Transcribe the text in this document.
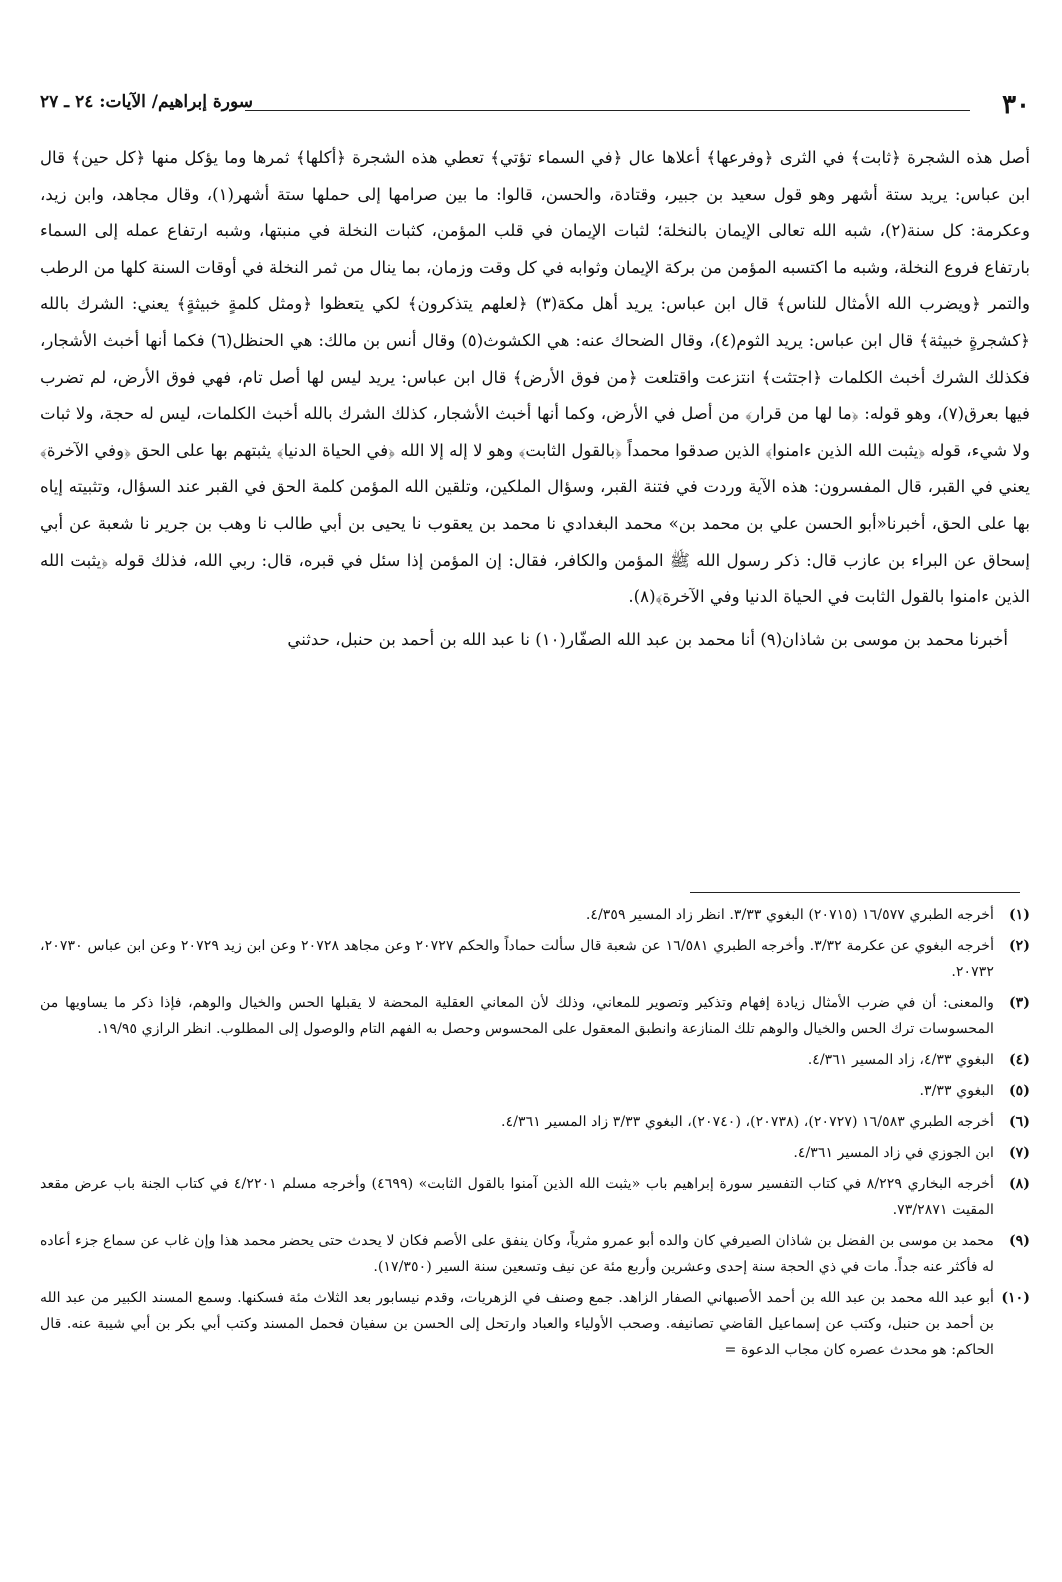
٣٠
سورة إبراهيم/ الآيات: ٢٤ ـ ٢٧

أصل هذه الشجرة ﴿ثابت﴾ في الثرى ﴿وفرعها﴾ أعلاها عال ﴿في السماء تؤتي﴾ تعطي هذه الشجرة ﴿أكلها﴾ ثمرها وما يؤكل منها ﴿كل حين﴾ قال ابن عباس: يريد ستة أشهر وهو قول سعيد بن جبير، وقتادة، والحسن، قالوا: ما بين صرامها إلى حملها ستة أشهر(١)، وقال مجاهد، وابن زيد، وعكرمة: كل سنة(٢)، شبه الله تعالى الإيمان بالنخلة؛ لثبات الإيمان في قلب المؤمن، كثبات النخلة في منبتها، وشبه ارتفاع عمله إلى السماء بارتفاع فروع النخلة، وشبه ما اكتسبه المؤمن من بركة الإيمان وثوابه في كل وقت وزمان، بما ينال من ثمر النخلة في أوقات السنة كلها من الرطب والتمر ﴿ويضرب الله الأمثال للناس﴾ قال ابن عباس: يريد أهل مكة(٣) ﴿لعلهم يتذكرون﴾ لكي يتعظوا ﴿ومثل كلمةٍ خبيثةٍ﴾ يعني: الشرك بالله ﴿كشجرةٍ خبيثة﴾ قال ابن عباس: يريد الثوم(٤)، وقال الضحاك عنه: هي الكشوث(٥) وقال أنس بن مالك: هي الحنظل(٦) فكما أنها أخبث الأشجار، فكذلك الشرك أخبث الكلمات ﴿اجتثت﴾ انتزعت واقتلعت ﴿من فوق الأرض﴾ قال ابن عباس: يريد ليس لها أصل تام، فهي فوق الأرض، لم تضرب فيها بعرق(٧)، وهو قوله: ﴿ما لها من قرار﴾ من أصل في الأرض، وكما أنها أخبث الأشجار، كذلك الشرك بالله أخبث الكلمات، ليس له حجة، ولا ثبات ولا شيء، قوله ﴿يثبت الله الذين ءامنوا﴾ الذين صدقوا محمداً ﴿بالقول الثابت﴾ وهو لا إله إلا الله ﴿في الحياة الدنيا﴾ يثبتهم بها على الحق ﴿وفي الآخرة﴾ يعني في القبر، قال المفسرون: هذه الآية وردت في فتنة القبر، وسؤال الملكين، وتلقين الله المؤمن كلمة الحق في القبر عند السؤال، وتثبيته إياه بها على الحق، أخبرنا«أبو الحسن علي بن محمد بن» محمد البغدادي نا محمد بن يعقوب نا يحيى بن أبي طالب نا وهب بن جرير نا شعبة عن أبي إسحاق عن البراء بن عازب قال: ذكر رسول الله ﷺ المؤمن والكافر، فقال: إن المؤمن إذا سئل في قبره، قال: ربي الله، فذلك قوله ﴿يثبت الله الذين ءامنوا بالقول الثابت في الحياة الدنيا وفي الآخرة﴾(٨).

أخبرنا محمد بن موسى بن شاذان(٩) أنا محمد بن عبد الله الصفّار(١٠) نا عبد الله بن أحمد بن حنبل، حدثني

(١)
أخرجه الطبري ١٦/٥٧٧ (٢٠٧١٥) البغوي ٣/٣٣. انظر زاد المسير ٤/٣٥٩.
(٢)
أخرجه البغوي عن عكرمة ٣/٣٢. وأخرجه الطبري ١٦/٥٨١ عن شعبة قال سألت حماداً والحكم ٢٠٧٢٧ وعن مجاهد ٢٠٧٢٨ وعن ابن زيد ٢٠٧٢٩ وعن ابن عباس ٢٠٧٣٠، ٢٠٧٣٢.
(٣)
والمعنى: أن في ضرب الأمثال زيادة إفهام وتذكير وتصوير للمعاني، وذلك لأن المعاني العقلية المحضة لا يقبلها الحس والخيال والوهم، فإذا ذكر ما يساويها من المحسوسات ترك الحس والخيال والوهم تلك المنازعة وانطبق المعقول على المحسوس وحصل به الفهم التام والوصول إلى المطلوب. انظر الرازي ١٩/٩٥.
(٤)
البغوي ٤/٣٣، زاد المسير ٤/٣٦١.
(٥)
البغوي ٣/٣٣.
(٦)
أخرجه الطبري ١٦/٥٨٣ (٢٠٧٢٧)، (٢٠٧٣٨)، (٢٠٧٤٠)، البغوي ٣/٣٣ زاد المسير ٤/٣٦١.
(٧)
ابن الجوزي في زاد المسير ٤/٣٦١.
(٨)
أخرجه البخاري ٨/٢٢٩ في كتاب التفسير سورة إبراهيم باب «يثبت الله الذين آمنوا بالقول الثابت» (٤٦٩٩) وأخرجه مسلم ٤/٢٢٠١ في كتاب الجنة باب عرض مقعد المقيت ٧٣/٢٨٧١.
(٩)
محمد بن موسى بن الفضل بن شاذان الصيرفي كان والده أبو عمرو مثرياً، وكان ينفق على الأصم فكان لا يحدث حتى يحضر محمد هذا وإن غاب عن سماع جزء أعاده له فأكثر عنه جداً. مات في ذي الحجة سنة إحدى وعشرين وأربع مئة عن نيف وتسعين سنة السير (١٧/٣٥٠).
(١٠)
أبو عبد الله محمد بن عبد الله بن أحمد الأصبهاني الصفار الزاهد. جمع وصنف في الزهريات، وقدم نيسابور بعد الثلاث مئة فسكنها. وسمع المسند الكبير من عبد الله بن أحمد بن حنبل، وكتب عن إسماعيل القاضي تصانيفه. وصحب الأولياء والعباد وارتحل إلى الحسن بن سفيان فحمل المسند وكتب أبي بكر بن أبي شيبة عنه. قال الحاكم: هو محدث عصره كان مجاب الدعوة =
